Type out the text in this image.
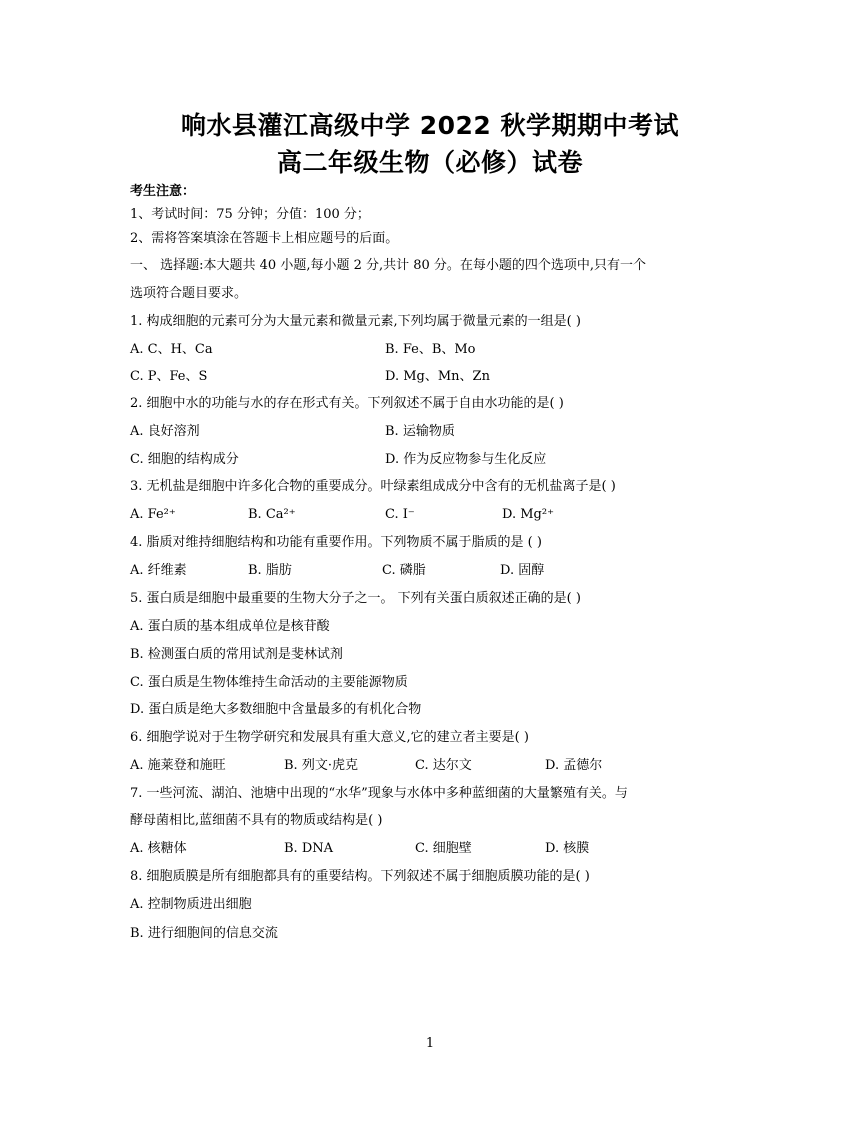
响水县灌江高级中学 2022 秋学期期中考试
高二年级生物（必修）试卷
考生注意：
1、考试时间：75 分钟；分值：100 分；
2、需将答案填涂在答题卡上相应题号的后面。
一、 选择题:本大题共 40 小题,每小题 2 分,共计 80 分。在每小题的四个选项中,只有一个
选项符合题目要求。
1. 构成细胞的元素可分为大量元素和微量元素,下列均属于微量元素的一组是( )
A. C、H、Ca	B. Fe、B、Mo
C. P、Fe、S	D. Mg、Mn、Zn
2. 细胞中水的功能与水的存在形式有关。下列叙述不属于自由水功能的是( )
A. 良好溶剂	B. 运输物质
C. 细胞的结构成分	D. 作为反应物参与生化反应
3. 无机盐是细胞中许多化合物的重要成分。叶绿素组成成分中含有的无机盐离子是( )
A. Fe²⁺	B. Ca²⁺	C. I⁻	D. Mg²⁺
4. 脂质对维持细胞结构和功能有重要作用。下列物质不属于脂质的是 ( )
A. 纤维素	B. 脂肪	C. 磷脂	D. 固醇
5. 蛋白质是细胞中最重要的生物大分子之一。 下列有关蛋白质叙述正确的是( )
A. 蛋白质的基本组成单位是核苷酸
B. 检测蛋白质的常用试剂是斐林试剂
C. 蛋白质是生物体维持生命活动的主要能源物质
D. 蛋白质是绝大多数细胞中含量最多的有机化合物
6. 细胞学说对于生物学研究和发展具有重大意义,它的建立者主要是( )
A. 施莱登和施旺	B. 列文·虎克	C. 达尔文	D. 孟德尔
7. 一些河流、湖泊、池塘中出现的“水华”现象与水体中多种蓝细菌的大量繁殖有关。与
酵母菌相比,蓝细菌不具有的物质或结构是( )
A. 核糖体	B. DNA	C. 细胞壁	D. 核膜
8. 细胞质膜是所有细胞都具有的重要结构。下列叙述不属于细胞质膜功能的是( )
A. 控制物质进出细胞
B. 进行细胞间的信息交流
1
